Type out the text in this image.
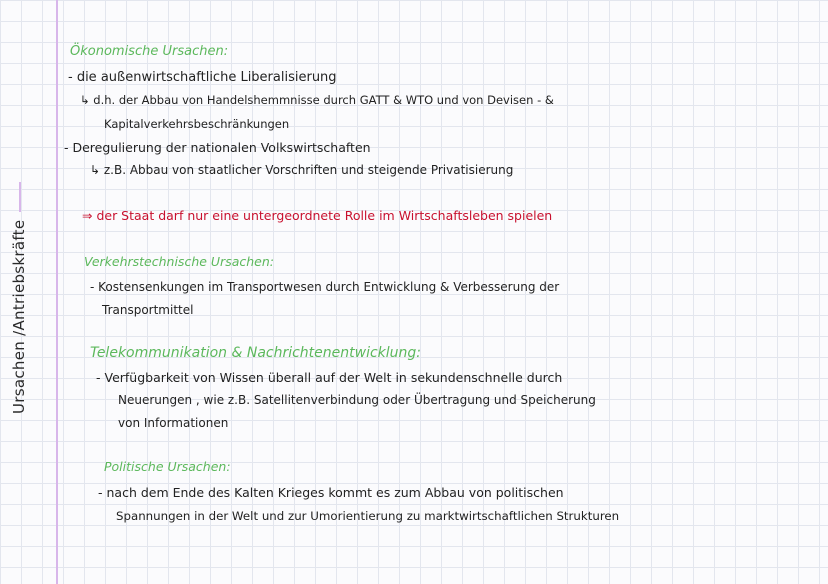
Ursachen /Antriebskräfte
Ökonomische Ursachen:
- die außenwirtschaftliche Liberalisierung
↳ d.h. der Abbau von Handelshemmnisse durch GATT & WTO und von Devisen - &
Kapitalverkehrsbeschränkungen
- Deregulierung der nationalen Volkswirtschaften
↳ z.B. Abbau von staatlicher Vorschriften und steigende Privatisierung
⇒ der Staat darf nur eine untergeordnete Rolle im Wirtschaftsleben spielen
Verkehrstechnische Ursachen:
- Kostensenkungen im Transportwesen durch Entwicklung & Verbesserung der
Transportmittel
Telekommunikation & Nachrichtenentwicklung:
- Verfügbarkeit von Wissen überall auf der Welt in sekundenschnelle durch
Neuerungen , wie z.B. Satellitenverbindung oder Übertragung und Speicherung
von Informationen
Politische Ursachen:
- nach dem Ende des Kalten Krieges kommt es zum Abbau von politischen
Spannungen in der Welt und zur Umorientierung zu marktwirtschaftlichen Strukturen
